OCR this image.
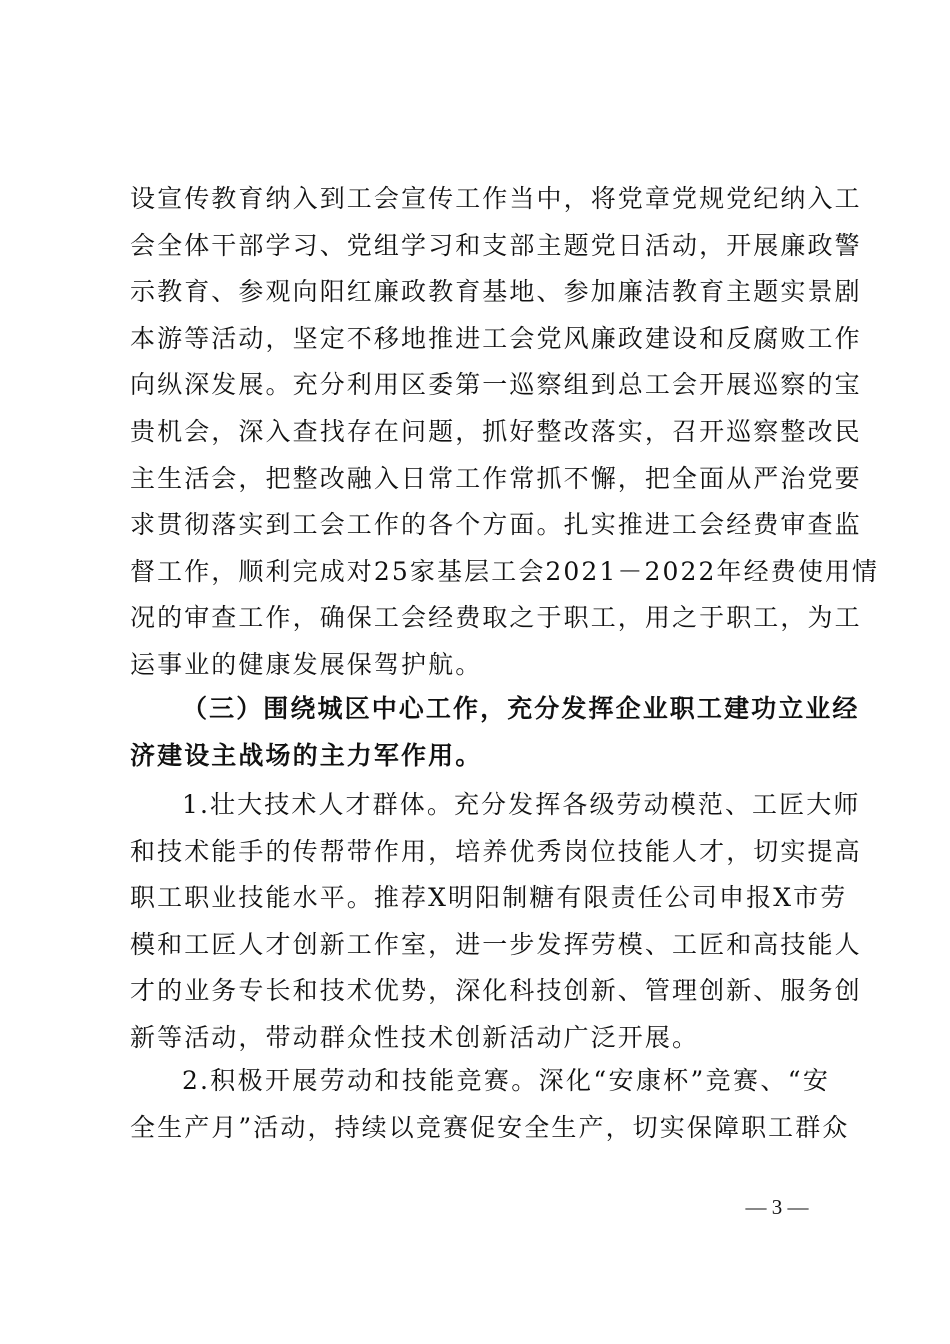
设宣传教育纳入到工会宣传工作当中，将党章党规党纪纳入工
会全体干部学习、党组学习和支部主题党日活动，开展廉政警
示教育、参观向阳红廉政教育基地、参加廉洁教育主题实景剧
本游等活动，坚定不移地推进工会党风廉政建设和反腐败工作
向纵深发展。充分利用区委第一巡察组到总工会开展巡察的宝
贵机会，深入查找存在问题，抓好整改落实，召开巡察整改民
主生活会，把整改融入日常工作常抓不懈，把全面从严治党要
求贯彻落实到工会工作的各个方面。扎实推进工会经费审查监
督工作，顺利完成对25家基层工会2021－2022年经费使用情
况的审查工作，确保工会经费取之于职工，用之于职工，为工
运事业的健康发展保驾护航。
（三）围绕城区中心工作，充分发挥企业职工建功立业经
济建设主战场的主力军作用。
1.壮大技术人才群体。充分发挥各级劳动模范、工匠大师
和技术能手的传帮带作用，培养优秀岗位技能人才，切实提高
职工职业技能水平。推荐X明阳制糖有限责任公司申报X市劳
模和工匠人才创新工作室，进一步发挥劳模、工匠和高技能人
才的业务专长和技术优势，深化科技创新、管理创新、服务创
新等活动，带动群众性技术创新活动广泛开展。
2.积极开展劳动和技能竞赛。深化“安康杯”竞赛、“安
全生产月”活动，持续以竞赛促安全生产，切实保障职工群众
— 3 —
